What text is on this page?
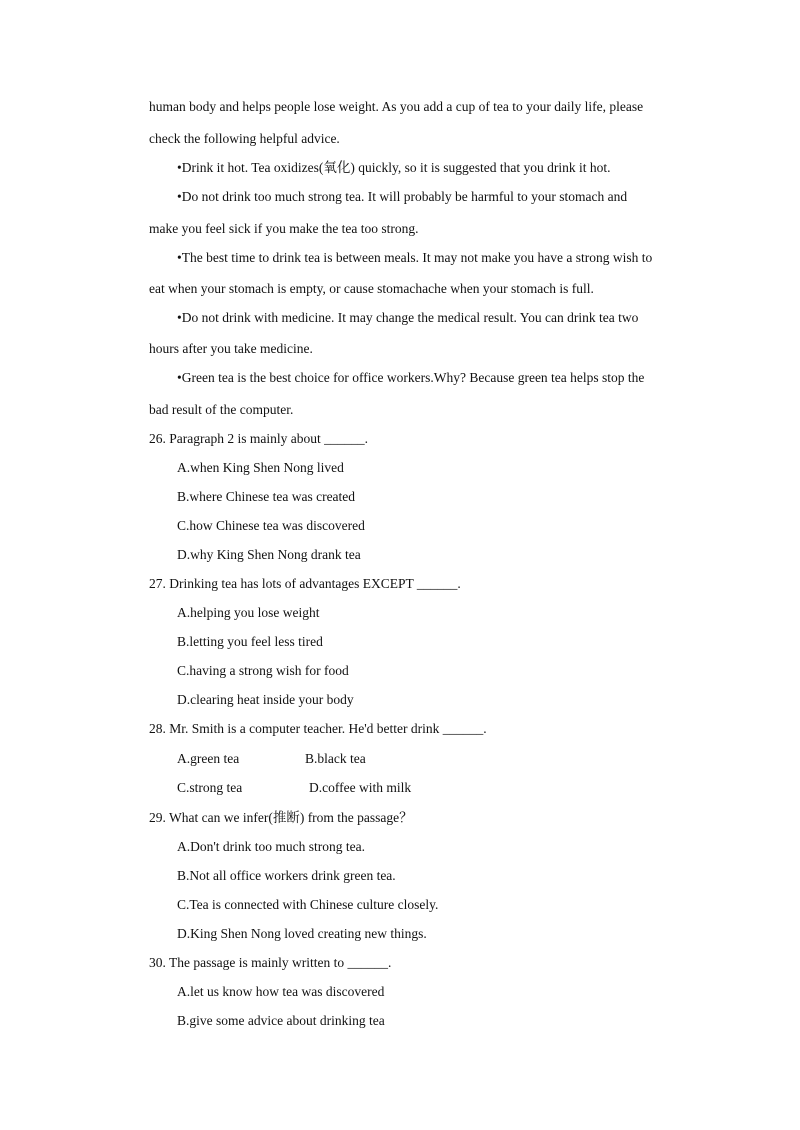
human body and helps people lose weight. As you add a cup of tea to your daily life, please
check the following helpful advice.
•Drink it hot. Tea oxidizes(氧化) quickly, so it is suggested that you drink it hot.
•Do not drink too much strong tea. It will probably be harmful to your stomach and
make you feel sick if you make the tea too strong.
•The best time to drink tea is between meals. It may not make you have a strong wish to
eat when your stomach is empty, or cause stomachache when your stomach is full.
•Do not drink with medicine. It may change the medical result. You can drink tea two
hours after you take medicine.
•Green tea is the best choice for office workers.Why? Because green tea helps stop the
bad result of the computer.
26. Paragraph 2 is mainly about ______.
A.when King Shen Nong lived
B.where Chinese tea was created
C.how Chinese tea was discovered
D.why King Shen Nong drank tea
27. Drinking tea has lots of advantages EXCEPT ______.
A.helping you lose weight
B.letting you feel less tired
C.having a strong wish for food
D.clearing heat inside your body
28. Mr. Smith is a computer teacher. He'd better drink ______.
A.green tea	B.black tea
C.strong tea	D.coffee with milk
29. What can we infer(推断) from the passage？
A.Don't drink too much strong tea.
B.Not all office workers drink green tea.
C.Tea is connected with Chinese culture closely.
D.King Shen Nong loved creating new things.
30. The passage is mainly written to ______.
A.let us know how tea was discovered
B.give some advice about drinking tea
